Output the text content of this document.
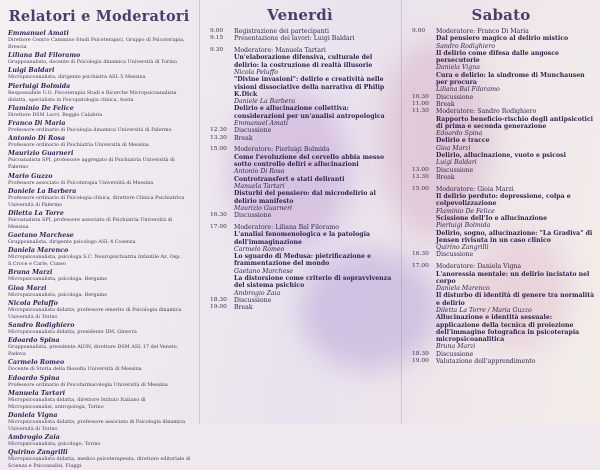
Relatori e Moderatori
Emmanuel Amati
Direttore Centro Cammino Studi Psicoterapici, Gruppo di Psicoterapia, Brescia
Liliana Bal Filoramo
Gruppoanalista, docente di Psicologia dinamica Università di Torino
Luigi Baldari
Micropsicoanalista, dirigente psichiatra ASL 5 Messina
Pierluigi Bolmida
Responsabile U.O. Psicoterapia Studi e Ricerche Micropsicoanalista didatta, specialista in Psicopatologia clinica, Aosta
Flaminio De Felice
Direttore DSM Locri, Reggio Calabria
Franco Di Maria
Professore ordinario di Psicologia dinamica Università di Palermo
Antonio Di Rosa
Professore ordinario di Psichiatria Università di Messina
Maurizio Guarneri
Psicoanalista SPI, professore aggregato di Psichiatria Università di Palermo
Mario Guzzo
Professore associato di Psicoterapia Università di Messina
Daniele La Barbera
Professore ordinario di Psicologia clinica, direttore Clinica Psichiatrica Università di Palermo
Diletta La Torre
Psicoanalista SPI, professore associato di Psichiatria Università di Messina
Gaetano Marchese
Gruppoanalista, dirigente psicologo ASL 4 Cosenza
Daniela Marenco
Micropsicoanalista, psicologa S.C. Neuropsichiatria Infantile Az. Osp. S.Croce e Carle, Cuneo
Bruna Marzi
Micropsicoanalista, psicologa, Bergamo
Gioa Marzi
Micropsicoanalista, psicologa, Bergamo
Nicola Peluffo
Micropsicoanalista didatta, professore emerito di Psicologia dinamica Università di Torino
Sandro Rodighiero
Micropsicoanalista didatta, presidente IIM, Ginevra
Edoardo Spina
Gruppoanalista, presidente AION, direttore DSM ASL 17 del Veneto, Padova
Carmelo Romeo
Docente di Storia della filosofia Università di Messina
Edoardo Spina
Professore ordinario di Psicofarmacologia Università di Messina
Manuela Tartari
Micropsicoanalista didatta, direttore Istituto Italiano di Micropsicoanalisi, antropologa, Torino
Daniela Vigna
Micropsicoanalista didatta, professore associato di Psicologia dinamica Università di Torino
Ambrogio Zaia
Micropsicoanalista, psicologo, Torino
Quirino Zangrilli
Micropsicoanalista didatta, medico psicoterapeuta, direttore editoriale di Scienza e Psicoanalisi, Fiuggi
Venerdì
9.00	Registrazione dei partecipanti
9.15	Presentazione dei lavori: Luigi Baldari
9.30	Moderatore: Manuela Tartari
Un'elaborazione difensiva, culturale del delirio: la costruzione di realtà illusorie
Nicola Peluffo
"Divine invasioni": delirio e creatività nelle visioni dissociative della narrativa di Philip K.Dick
Daniele La Barbera
Delirio e allucinazione collettiva: considerazioni per un'analisi antropologica
Emmanuel Amati
12.30	Discussione
13.30	Break
15.00	Moderatore: Pierluigi Bolmida
Come l'evoluzione del cervello abbia messo sotto controllo deliri e allucinazioni
Antonio Di Rosa
Controtransfert e stati deliranti
Manuela Tartari
Disturbi del pensiero: dal microdelirio al delirio manifesto
Maurizio Guarneri
16.30	Discussione
17.00	Moderatore: Liliana Bal Filoramo
L'analisi fenomenologica e la patologia dell'immaginazione
Carmelo Romeo
Lo sguardo di Medusa: pietrificazione e frammentazione del mondo
Gaetano Marchese
La distorsione come criterio di sopravvivenza del sistema psichico
Ambrogio Zaia
18.30	Discussione
19.00	Break
Sabato
9.00	Moderatore: Franco Di Maria
Dal pensiero magico al delirio mistico
Sandro Rodighiero
Il delirio come difesa dalle angosce persecutorie
Daniela Vigna
Cura e delirio: la sindrome di Munchausen per procura
Liliana Bal Filoramo
10.30	Discussione
11.00	Break
11.30	Moderatore: Sandro Rodighiero
Rapporto beneficio-rischio degli antipsicotici di prima e seconda generazione
Edoardo Spina
Delirio e tracce
Gioa Marzi
Delirio, allucinazione, vuoto e psicosi
Luigi Baldari
13.00	Discussione
13.30	Break
15.00	Moderatore: Gioia Marzi
Il delirio perduto: depressione, colpa e colpevolizzazione
Flaminio De Felice
Scissione dell'Io e allucinazione
Pierluigi Bolmida
Delirio, sogno, allucinazione: "La Gradiva" di Jensen rivisuta in un caso clinico
Quirino Zangrilli
16.30	Discussione
17.00	Moderatore: Daniela Vigna
L'anoressia mentale: un delirio incistato nel corpo
Daniela Marenco
Il disturbo di identità di genere tra normalità e delirio
Diletta La Torre / Maria Guzzo
Allucinazione e identità sessuale: applicazione della tecnica di proiezione dell'immagine fotografica in psicoterapia micropsicoanalitica
Bruna Marzi
18.30	Discussione
19.00	Valutazione dell'apprendimento
